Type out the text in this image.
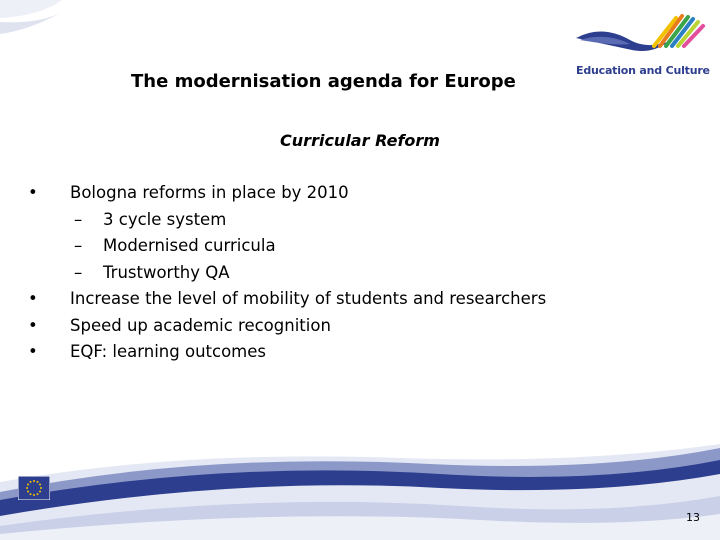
Education and Culture
The modernisation agenda for Europe
Curricular Reform
•	Bologna reforms in place by 2010
– 3 cycle system
– Modernised curricula
– Trustworthy QA
•	Increase the level of mobility of students and researchers
•	Speed up academic recognition
•	EQF: learning outcomes
13
